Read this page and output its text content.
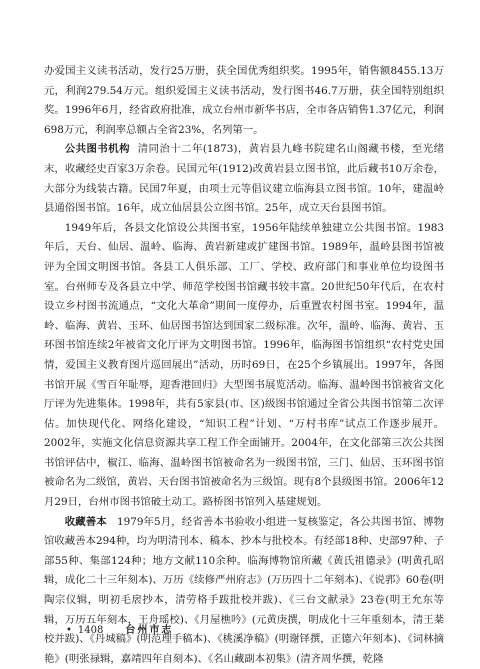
办爱国主义读书活动，发行25万册，获全国优秀组织奖。1995年，销售额8455.13万元，利润279.54万元。组织爱国主义读书活动，发行图书46.7万册，获全国特别组织奖。1996年6月，经省政府批准，成立台州市新华书店，全市各店销售1.37亿元，利润698万元，利润率总额占全省23%，名列第一。

公共图书机构 清同治十二年(1873)，黄岩县九峰书院建名山阁藏书楼，至光绪末，收藏经史百家3万余卷。民国元年(1912)改黄岩县立图书馆，此后藏书10万余卷，大部分为线装古籍。民国7年夏，由项士元等倡议建立临海县立图书馆。10年，建温岭县通俗图书馆。16年，成立仙居县公立图书馆。25年，成立天台县图书馆。

1949年后，各县文化馆设公共图书室，1956年陆续单独建立公共图书馆。1983年后，天台、仙居、温岭、临海、黄岩新建或扩建图书馆。1989年，温岭县图书馆被评为全国文明图书馆。各县工人俱乐部、工厂、学校、政府部门和事业单位均设图书室。台州师专及各县立中学、师范学校图书馆藏书较丰富。20世纪50年代后，在农村设立乡村图书流通点，“文化大革命”期间一度停办，后重置农村图书室。1994年，温岭、临海、黄岩、玉环、仙居图书馆达到国家二级标准。次年，温岭、临海、黄岩、玉环图书馆连续2年被省文化厅评为文明图书馆。1996年，临海图书馆组织“农村党史国情，爱国主义教育图片巡回展出”活动，历时69日，在25个乡镇展出。1997年，各图书馆开展《雪百年耻辱，迎香港回归》大型图书展览活动。临海、温岭图书馆被省文化厅评为先进集体。1998年，共有5家县(市、区)级图书馆通过全省公共图书馆第二次评估。加快现代化、网络化建设，“知识工程”计划、“万村书库”试点工作逐步展开。2002年，实施文化信息资源共享工程工作全面铺开。2004年，在文化部第三次公共图书馆评估中，椒江、临海、温岭图书馆被命名为一级图书馆，三门、仙居、玉环图书馆被命名为二级馆，黄岩、天台图书馆被命名为三级馆。现有8个县级图书馆。2006年12月29日，台州市图书馆破土动工。路桥图书馆列入基建规划。

收藏善本 1979年5月，经省善本书验收小组进一复核鉴定，各公共图书馆、博物馆收藏善本294种，均为明清刊本、稿本、抄本与批校本。有经部18种、史部97种、子部55种、集部124种；地方文献110余种。临海博物馆所藏《黄氏祖德录》(明黄孔昭辑，成化二十三年刻本)、万历《续修严州府志》(万历四十二年刻本)、《说郛》60卷(明陶宗仪辑，明初毛扆抄本，清劳格手跋批校并跋)、《三台文献录》23卷(明王允东等辑，万历五年刻本，王舟瑶校)、《月屋樵吟》(元黄庚撰，明成化十三年重刻本，清王棻校并跋)、《丹城稿》(明范理手稿本)、《桃溪净稿》(明谢铎撰，正德六年刻本)、《词林摘艳》(明张禄辑，嘉靖四年自刻本)、《名山藏副本初集》(清齐周华撰，乾隆

• 1408 台州市志
